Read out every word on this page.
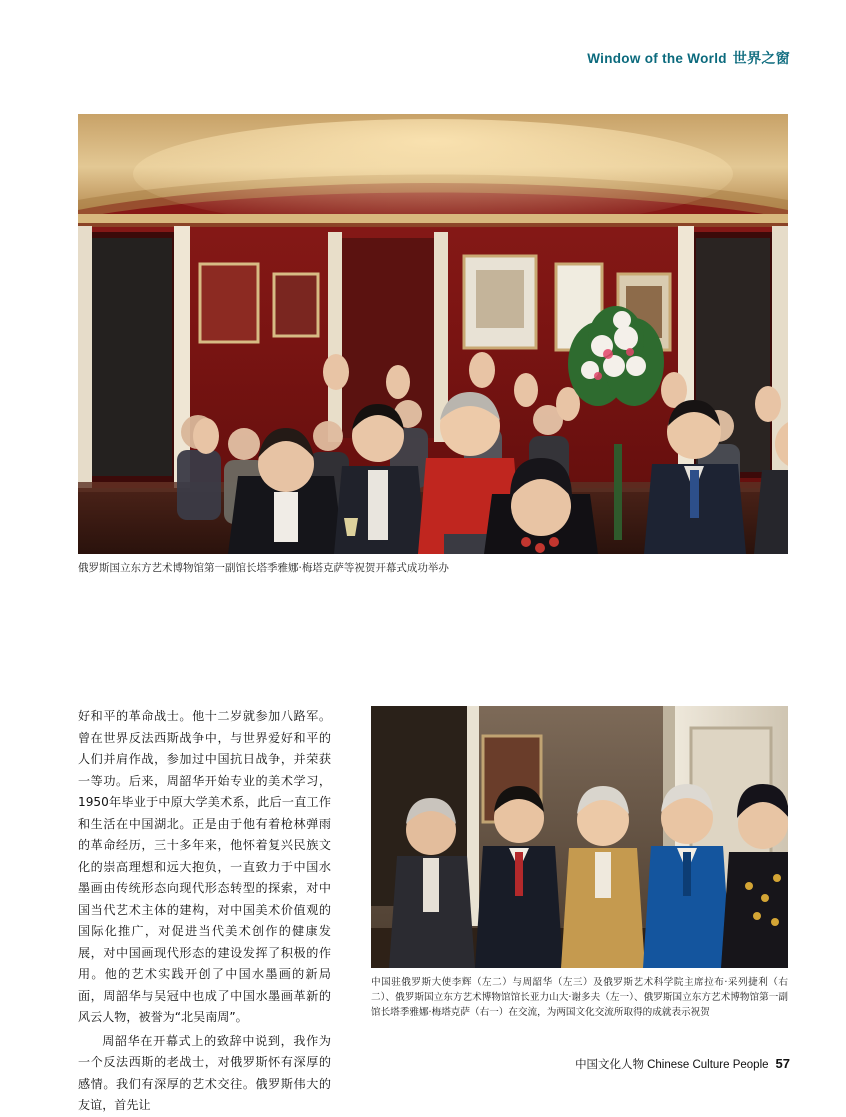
Window of the World 世界之窗
俄罗斯国立东方艺术博物馆第一副馆长塔季雅娜·梅塔克萨等祝贺开幕式成功举办

好和平的革命战士。他十二岁就参加八路军。曾在世界反法西斯战争中，与世界爱好和平的人们并肩作战，参加过中国抗日战争，并荣获一等功。后来，周韶华开始专业的美术学习，1950年毕业于中原大学美术系，此后一直工作和生活在中国湖北。正是由于他有着枪林弹雨的革命经历，三十多年来，他怀着复兴民族文化的崇高理想和远大抱负，一直致力于中国水墨画由传统形态向现代形态转型的探索，对中国当代艺术主体的建构，对中国美术价值观的国际化推广，对促进当代美术创作的健康发展，对中国画现代形态的建设发挥了积极的作用。他的艺术实践开创了中国水墨画的新局面，周韶华与吴冠中也成了中国水墨画革新的风云人物，被誉为“北吴南周”。

周韶华在开幕式上的致辞中说到，我作为一个反法西斯的老战士，对俄罗斯怀有深厚的感情。我们有深厚的艺术交往。俄罗斯伟大的友谊，首先让

中国驻俄罗斯大使李辉（左二）与周韶华（左三）及俄罗斯艺术科学院主席拉布·采列捷利（右二）、俄罗斯国立东方艺术博物馆馆长亚力山大·谢多夫（左一）、俄罗斯国立东方艺术博物馆第一副馆长塔季雅娜·梅塔克萨（右一）在交流，为两国文化交流所取得的成就表示祝贺
中国文化人物 Chinese Culture People 57
